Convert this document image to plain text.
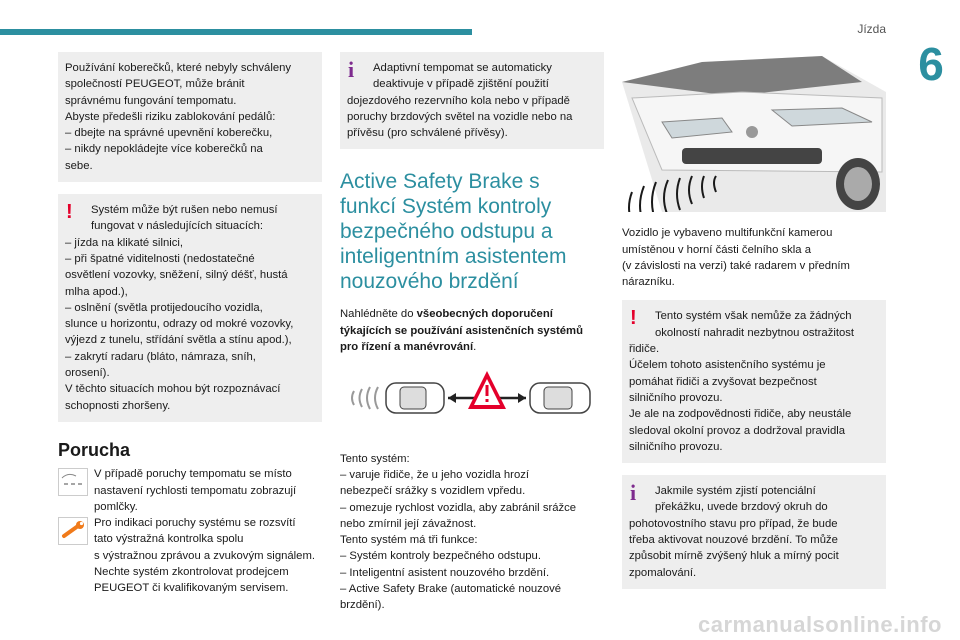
Jízda
6

Používání koberečků, které nebyly schváleny
společností PEUGEOT, může bránit
správnému fungování tempomatu.
Abyste předešli riziku zablokování pedálů:
– dbejte na správné upevnění koberečku,
– nikdy nepokládejte více koberečků na
sebe.

!	Systém může být rušen nebo nemusí
fungovat v následujících situacích:
– jízda na klikaté silnici,
– při špatné viditelnosti (nedostatečné
osvětlení vozovky, sněžení, silný déšť, hustá
mlha apod.),
– oslnění (světla protijedoucího vozidla,
slunce u horizontu, odrazy od mokré vozovky,
výjezd z tunelu, střídání světla a stínu apod.),
– zakrytí radaru (bláto, námraza, sníh,
orosení).
V těchto situacích mohou být rozpoznávací
schopnosti zhoršeny.

Porucha

V případě poruchy tempomatu se místo
nastavení rychlosti tempomatu zobrazují
pomlčky.

Pro indikaci poruchy systému se rozsvítí
tato výstražná kontrolka spolu
s výstražnou zprávou a zvukovým signálem.
Nechte systém zkontrolovat prodejcem
PEUGEOT či kvalifikovaným servisem.

i	Adaptivní tempomat se automaticky
deaktivuje v případě zjištění použití
dojezdového rezervního kola nebo v případě
poruchy brzdových světel na vozidle nebo na
přívěsu (pro schválené přívěsy).

Active Safety Brake s
funkcí Systém kontroly
bezpečného odstupu a
inteligentním asistentem
nouzového brzdění

Nahlédněte do všeobecných doporučení
týkajících se používání asistenčních systémů
pro řízení a manévrování.

Tento systém:
– varuje řidiče, že u jeho vozidla hrozí
nebezpečí srážky s vozidlem vpředu.
– omezuje rychlost vozidla, aby zabránil srážce
nebo zmírnil její závažnost.
Tento systém má tři funkce:
– Systém kontroly bezpečného odstupu.
– Inteligentní asistent nouzového brzdění.
– Active Safety Brake (automatické nouzové
brzdění).

Vozidlo je vybaveno multifunkční kamerou
umístěnou v horní části čelního skla a
(v závislosti na verzi) také radarem v předním
nárazníku.

!	Tento systém však nemůže za žádných
okolností nahradit nezbytnou ostražitost
řidiče.
Účelem tohoto asistenčního systému je
pomáhat řidiči a zvyšovat bezpečnost
silničního provozu.
Je ale na zodpovědnosti řidiče, aby neustále
sledoval okolní provoz a dodržoval pravidla
silničního provozu.

i	Jakmile systém zjistí potenciální
překážku, uvede brzdový okruh do
pohotovostního stavu pro případ, že bude
třeba aktivovat nouzové brzdění. To může
způsobit mírně zvýšený hluk a mírný pocit
zpomalování.

carmanualsonline.info
